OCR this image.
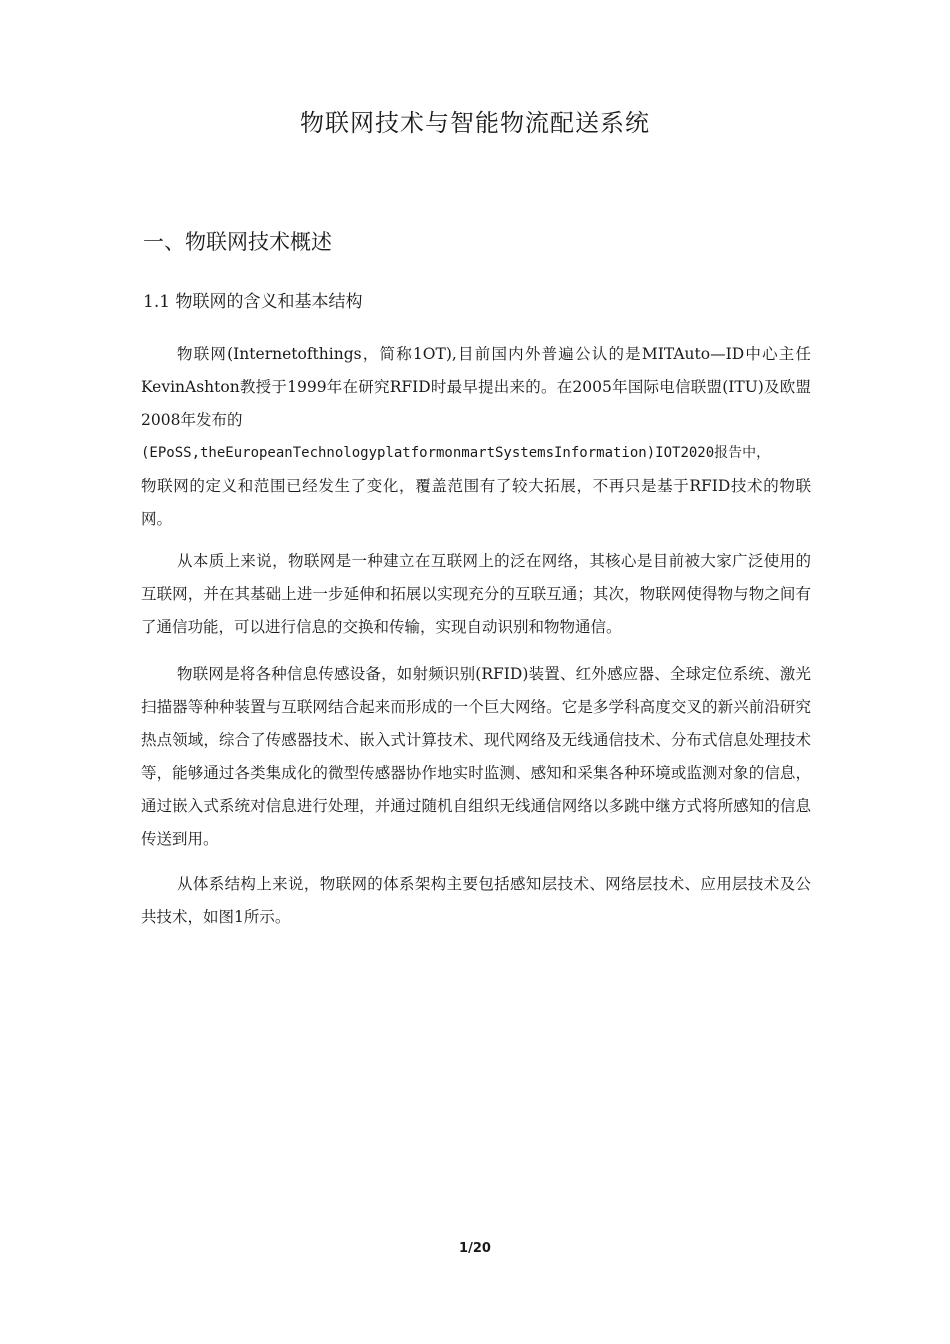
物联网技术与智能物流配送系统
一、物联网技术概述
1.1 物联网的含义和基本结构
物联网(Internetofthings，简称1OT),目前国内外普遍公认的是MITAuto—ID中心主任KevinAshton教授于1999年在研究RFID时最早提出来的。在2005年国际电信联盟(ITU)及欧盟2008年发布的
(EPoSS,theEuropeanTechnologyplatformonmartSystemsInformation)IOT2020报告中，
物联网的定义和范围已经发生了变化，覆盖范围有了较大拓展，不再只是基于RFID技术的物联网。

从本质上来说，物联网是一种建立在互联网上的泛在网络，其核心是目前被大家广泛使用的互联网，并在其基础上进一步延伸和拓展以实现充分的互联互通；其次，物联网使得物与物之间有了通信功能，可以进行信息的交换和传输，实现自动识别和物物通信。

物联网是将各种信息传感设备，如射频识别(RFID)装置、红外感应器、全球定位系统、激光扫描器等种种装置与互联网结合起来而形成的一个巨大网络。它是多学科高度交叉的新兴前沿研究热点领域，综合了传感器技术、嵌入式计算技术、现代网络及无线通信技术、分布式信息处理技术等，能够通过各类集成化的微型传感器协作地实时监测、感知和采集各种环境或监测对象的信息，通过嵌入式系统对信息进行处理，并通过随机自组织无线通信网络以多跳中继方式将所感知的信息传送到用。

从体系结构上来说，物联网的体系架构主要包括感知层技术、网络层技术、应用层技术及公共技术，如图1所示。

1/20
